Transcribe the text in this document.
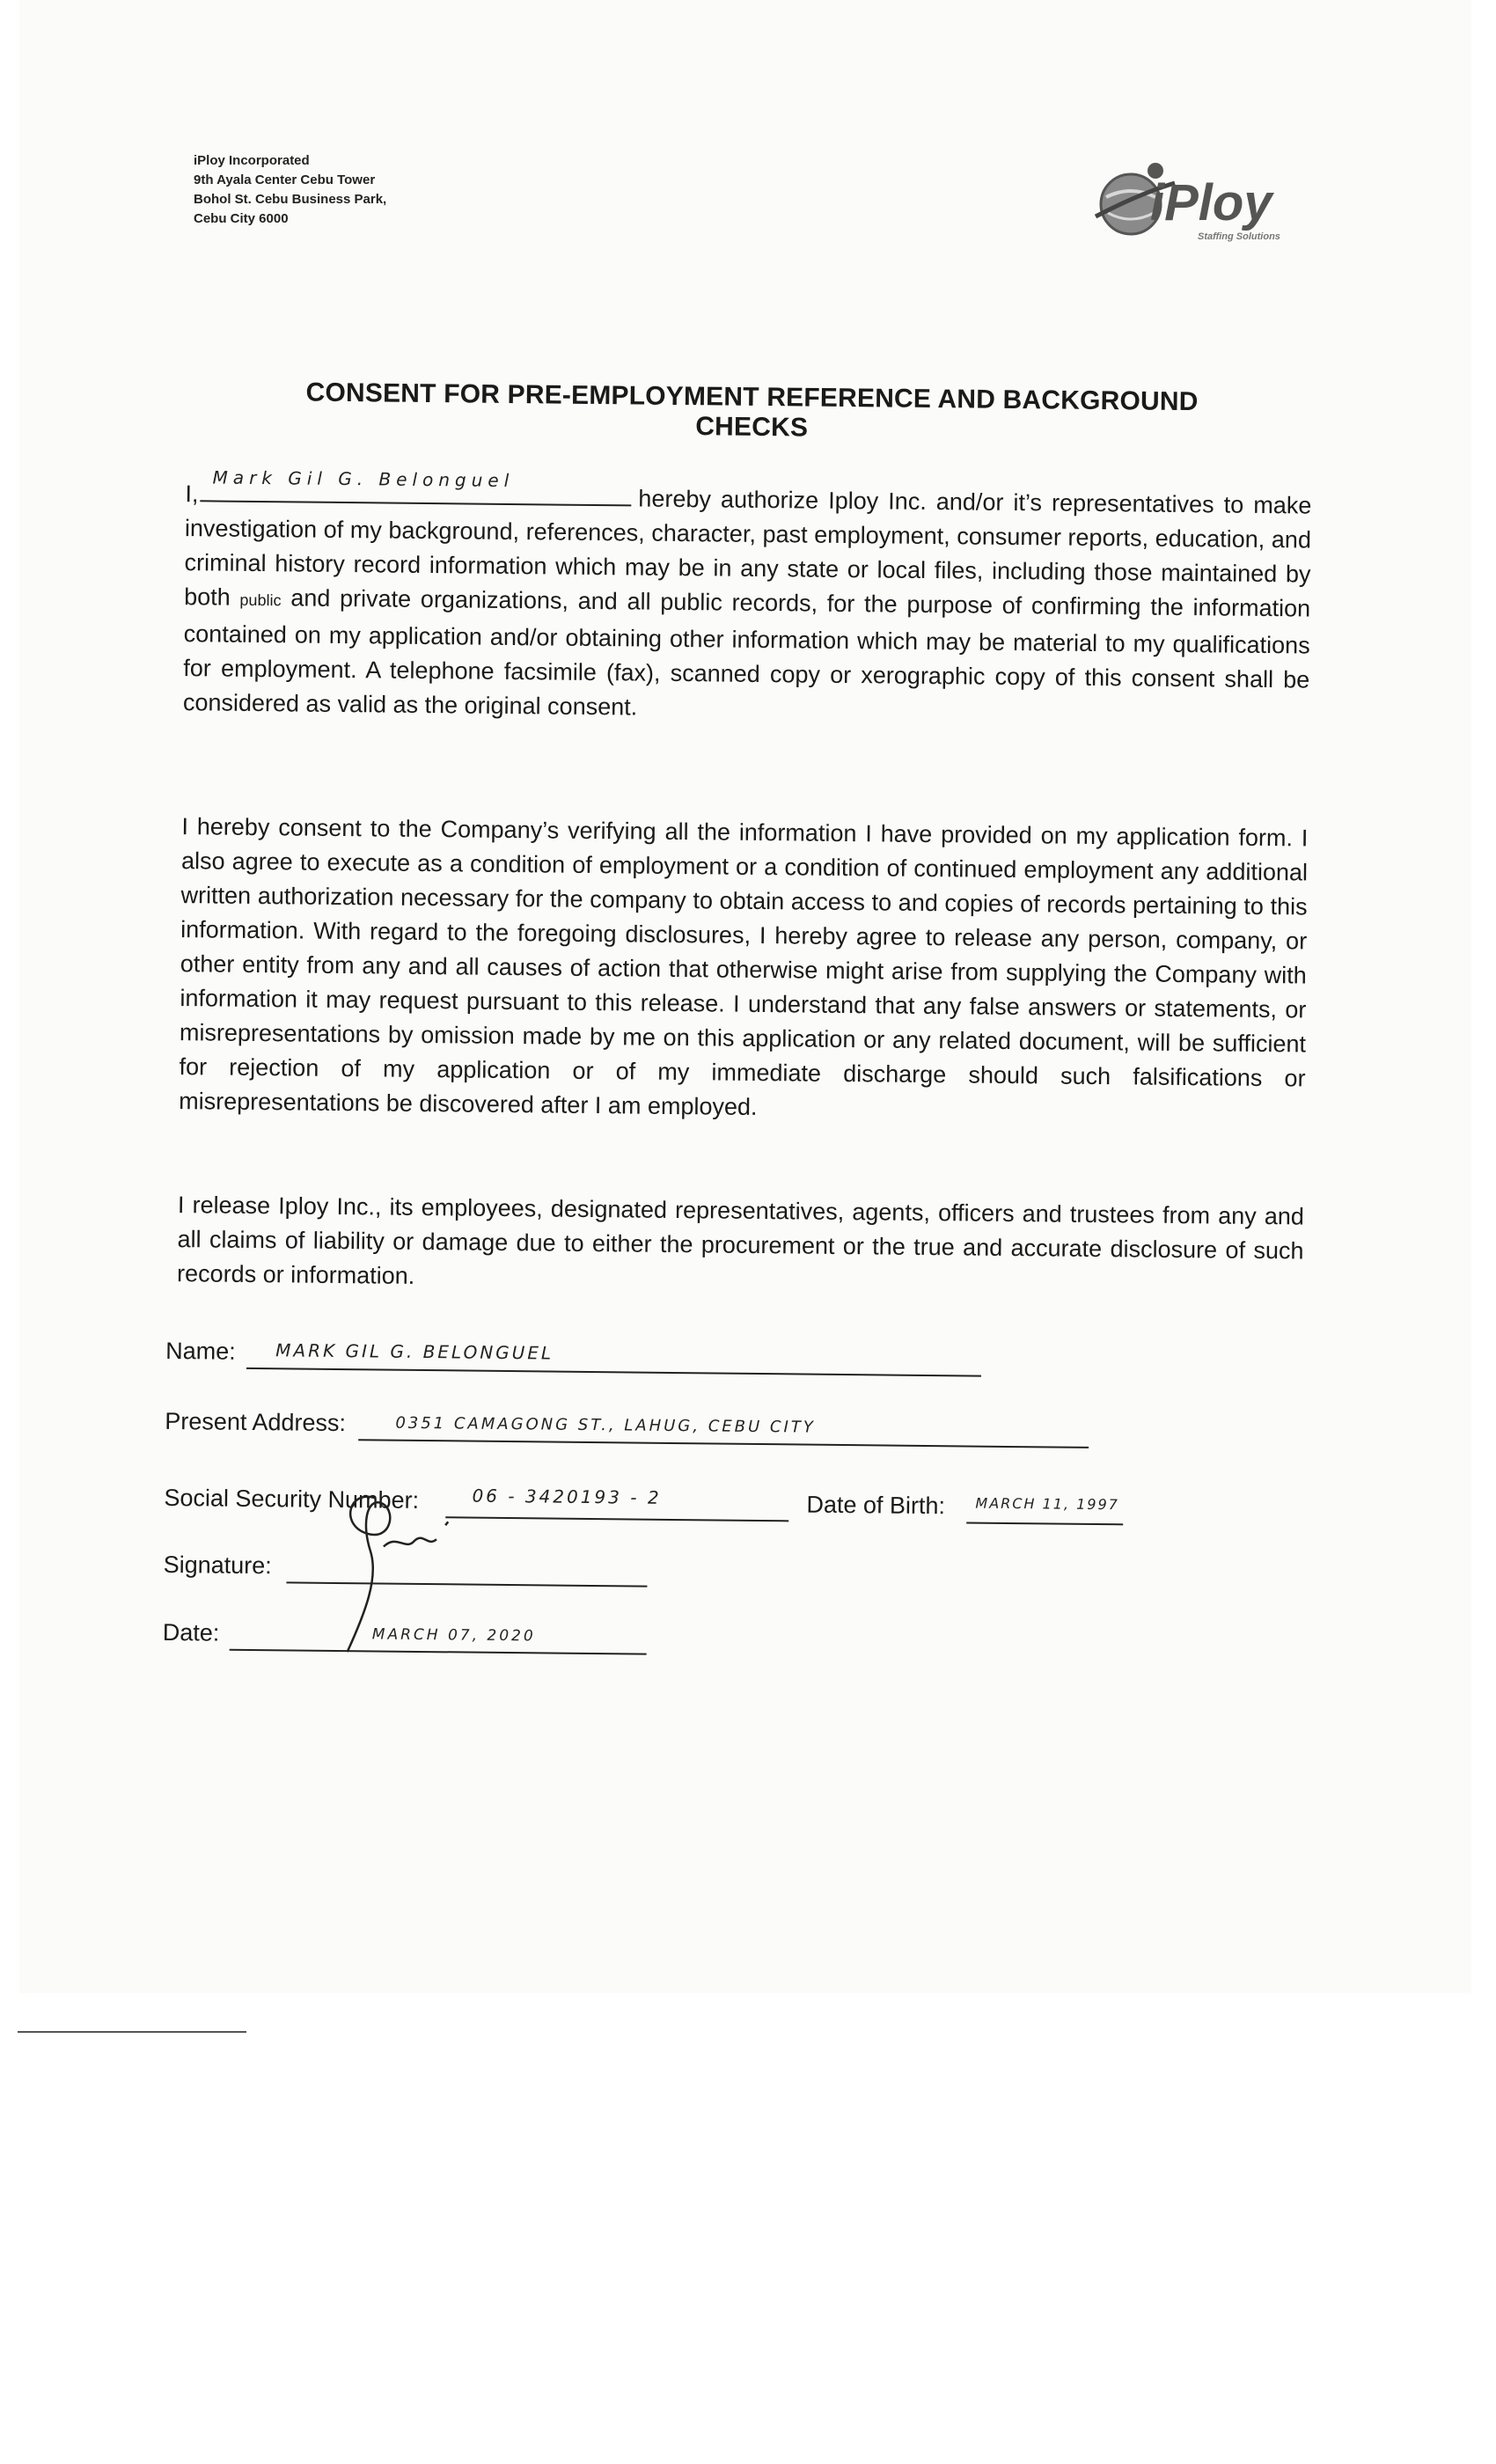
iPloy Incorporated
9th Ayala Center Cebu Tower
Bohol St. Cebu Business Park,
Cebu City 6000	iPloy
Staffing Solutions
CONSENT FOR PRE-EMPLOYMENT REFERENCE AND BACKGROUND CHECKS

I,
Mark Gil G. Belonguel
hereby authorize Iploy Inc. and/or it’s representatives to make investigation of my background, references, character, past employment, consumer reports, education, and criminal history record information which may be in any state or local files, including those maintained by both public and private organizations, and all public records, for the purpose of confirming the information contained on my application and/or obtaining other information which may be material to my qualifications for employment. A telephone facsimile (fax), scanned copy or xerographic copy of this consent shall be considered as valid as the original consent.

I hereby consent to the Company’s verifying all the information I have provided on my application form. I also agree to execute as a condition of employment or a condition of continued employment any additional written authorization necessary for the company to obtain access to and copies of records pertaining to this information. With regard to the foregoing disclosures, I hereby agree to release any person, company, or other entity from any and all causes of action that otherwise might arise from supplying the Company with information it may request pursuant to this release. I understand that any false answers or statements, or misrepresentations by omission made by me on this application or any related document, will be sufficient for rejection of my application or of my immediate discharge should such falsifications or misrepresentations be discovered after I am employed.

I release Iploy Inc., its employees, designated representatives, agents, officers and trustees from any and all claims of liability or damage due to either the procurement or the true and accurate disclosure of such records or information.

Name: MARK GIL G. BELONGUEL
Present Address:	0351 CAMAGONG ST., LAHUG, CEBU CITY
Social Security Number:	06 - 3420193 - 2	Date of Birth: MARCH 11, 1997
Signature:
Date:	MARCH 07, 2020
